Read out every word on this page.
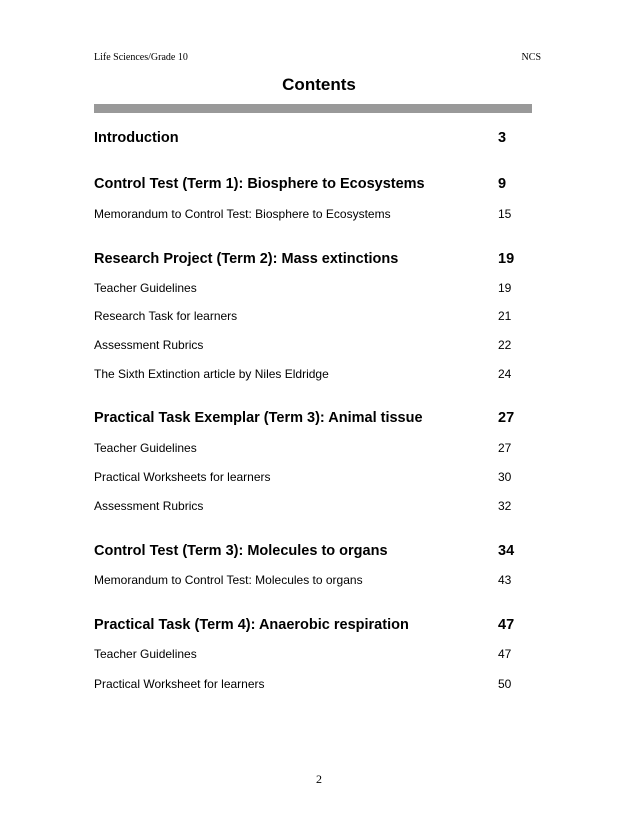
Life Sciences/Grade 10	NCS
Contents
Introduction	3
Control Test (Term 1): Biosphere to Ecosystems	9
Memorandum to Control Test: Biosphere to Ecosystems	15
Research Project (Term 2): Mass extinctions	19
Teacher Guidelines	19
Research Task for learners	21
Assessment Rubrics	22
The Sixth Extinction article by Niles Eldridge	24
Practical Task Exemplar (Term 3): Animal tissue	27
Teacher Guidelines	27
Practical Worksheets for learners	30
Assessment Rubrics	32
Control Test (Term 3): Molecules to organs	34
Memorandum to Control Test: Molecules to organs	43
Practical Task (Term 4): Anaerobic respiration	47
Teacher Guidelines	47
Practical Worksheet for learners	50
2
